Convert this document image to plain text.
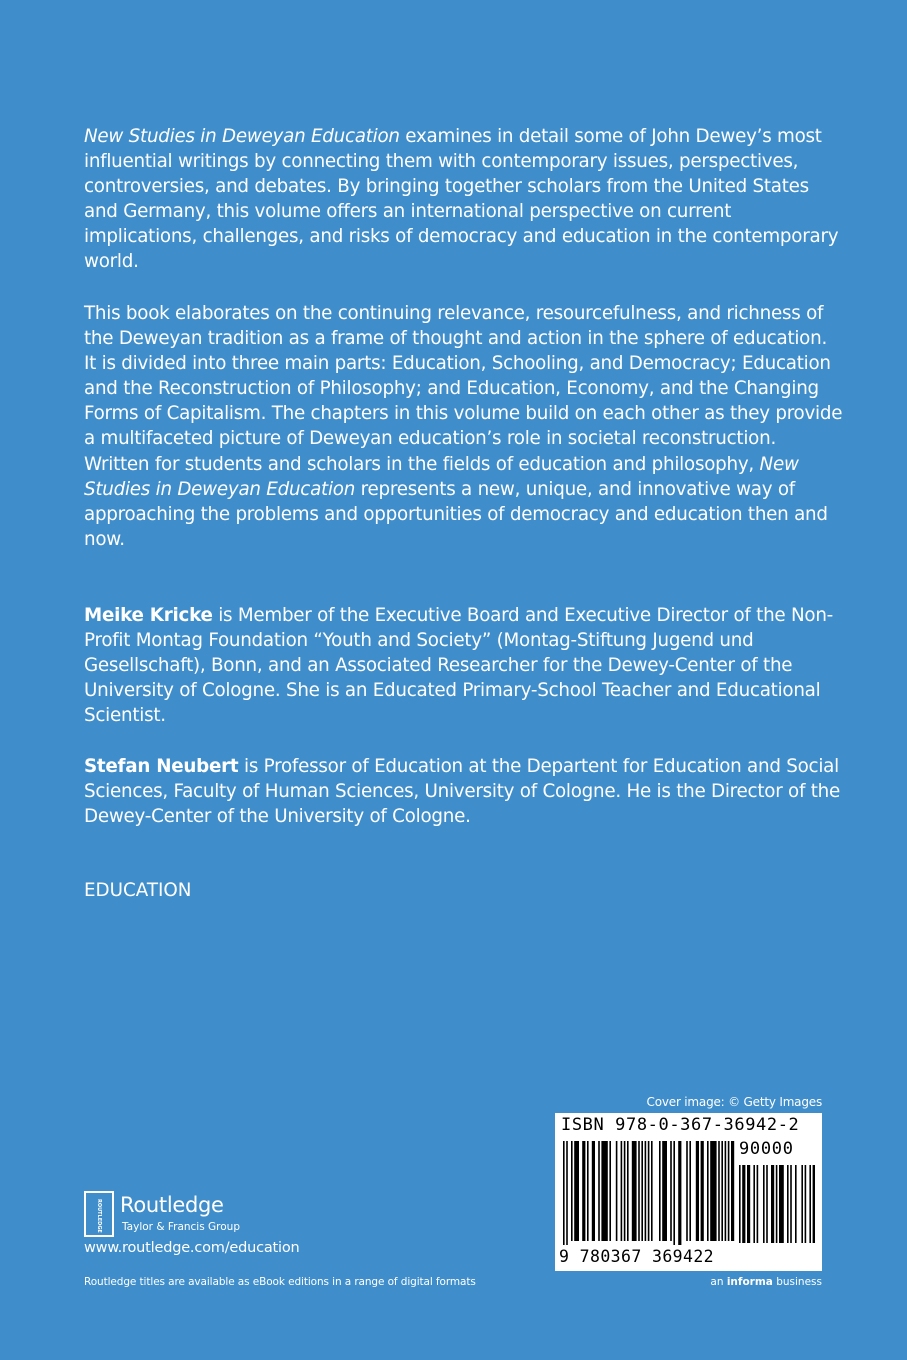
New Studies in Deweyan Education examines in detail some of John Dewey’s most influential writings by connecting them with contemporary issues, perspectives, controversies, and debates. By bringing together scholars from the United States and Germany, this volume offers an international perspective on current implications, challenges, and risks of democracy and education in the contemporary world.

This book elaborates on the continuing relevance, resourcefulness, and richness of the Deweyan tradition as a frame of thought and action in the sphere of education. It is divided into three main parts: Education, Schooling, and Democracy; Education and the Reconstruction of Philosophy; and Education, Economy, and the Changing Forms of Capitalism. The chapters in this volume build on each other as they provide a multifaceted picture of Deweyan education’s role in societal reconstruction. Written for students and scholars in the fields of education and philosophy, New Studies in Deweyan Education represents a new, unique, and innovative way of approaching the problems and opportunities of democracy and education then and now.

Meike Kricke is Member of the Executive Board and Executive Director of the Non-Profit Montag Foundation “Youth and Society” (Montag-Stiftung Jugend und Gesellschaft), Bonn, and an Associated Researcher for the Dewey-Center of the University of Cologne. She is an Educated Primary-School Teacher and Educational Scientist.

Stefan Neubert is Professor of Education at the Departent for Education and Social Sciences, Faculty of Human Sciences, University of Cologne. He is the Director of the Dewey-Center of the University of Cologne.

EDUCATION

Cover image: © Getty Images
ISBN 978-0-367-36942-2
90000
9 780367 369422
an informa business
ROUTLEDGE Routledge
Taylor & Francis Group
www.routledge.com/education
Routledge titles are available as eBook editions in a range of digital formats
